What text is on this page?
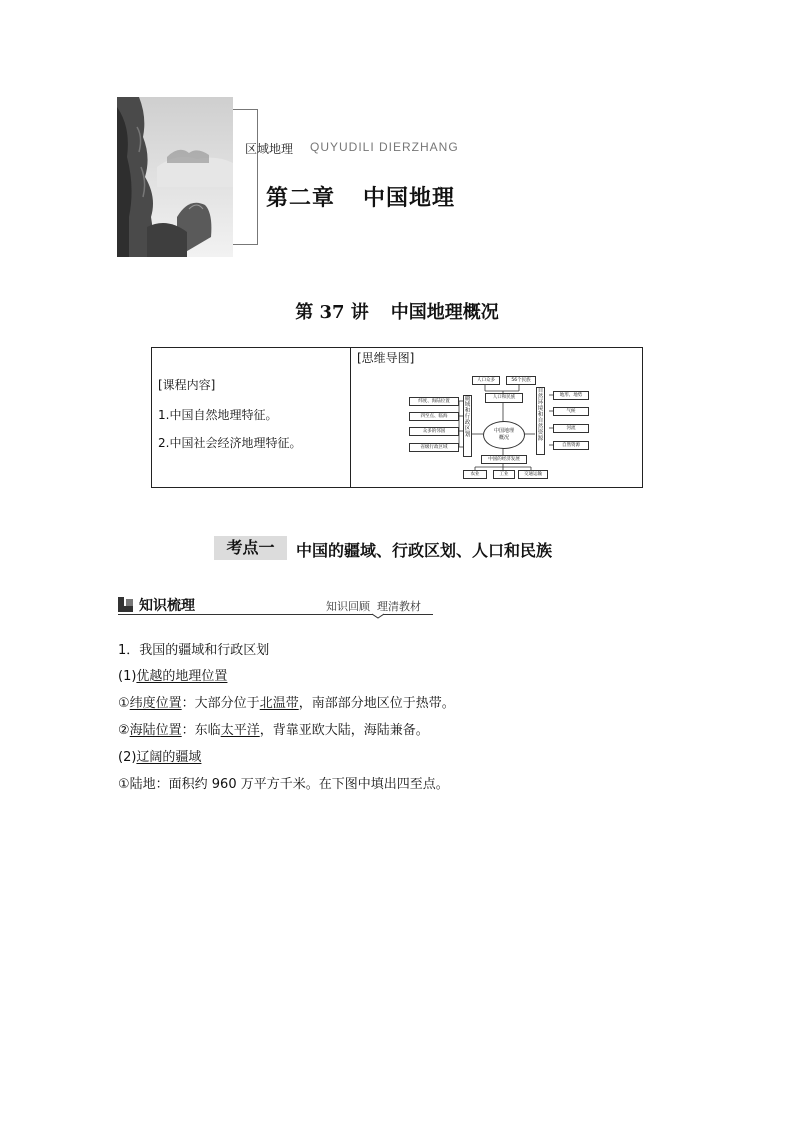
区域地理 QUYUDILI DIERZHANG
第二章 中国地理
第 37 讲 中国地理概况
[课程内容]
1.中国自然地理特征。
2.中国社会经济地理特征。
[思维导图]
人口众多	56个民族
人口和民族
纬度、海陆位置
四至点、临海
众多的邻国
省级行政区域
疆域和行政区划
中国地理概况
自然环境和自然资源
地形、地势
气候
河流
自然资源
中国的经济发展
农业	工业	交通运输
考点一	中国的疆域、行政区划、人口和民族
知识梳理	知识回顾  理清教材
1．我国的疆域和行政区划
(1)优越的地理位置
①纬度位置：大部分位于北温带，南部部分地区位于热带。
②海陆位置：东临太平洋，背靠亚欧大陆，海陆兼备。
(2)辽阔的疆域
①陆地：面积约 960 万平方千米。在下图中填出四至点。
